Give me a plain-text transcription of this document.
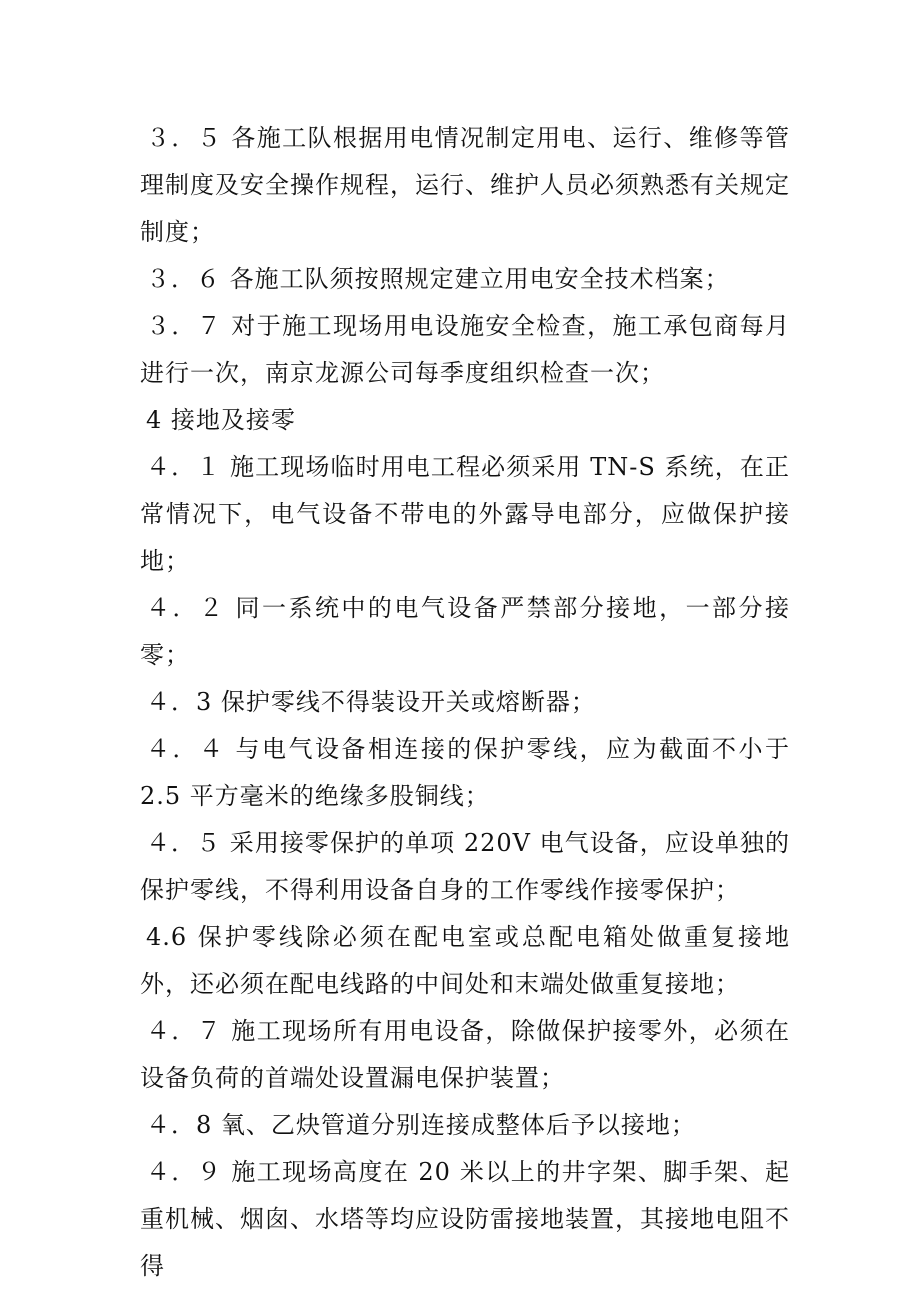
３．５ 各施工队根据用电情况制定用电、运行、维修等管理制度及安全操作规程，运行、维护人员必须熟悉有关规定制度；

３．６ 各施工队须按照规定建立用电安全技术档案；

３．７ 对于施工现场用电设施安全检查，施工承包商每月进行一次，南京龙源公司每季度组织检查一次；

4 接地及接零

４．１ 施工现场临时用电工程必须采用 TN-S 系统，在正常情况下，电气设备不带电的外露导电部分，应做保护接地；

４．２ 同一系统中的电气设备严禁部分接地，一部分接零；

４．3 保护零线不得装设开关或熔断器；

４．４ 与电气设备相连接的保护零线，应为截面不小于 2.5 平方毫米的绝缘多股铜线；

４．５ 采用接零保护的单项 220V 电气设备，应设单独的保护零线，不得利用设备自身的工作零线作接零保护；

4.6 保护零线除必须在配电室或总配电箱处做重复接地外，还必须在配电线路的中间处和末端处做重复接地；

４．７ 施工现场所有用电设备，除做保护接零外，必须在设备负荷的首端处设置漏电保护装置；

４．8 氧、乙炔管道分别连接成整体后予以接地；

４．９ 施工现场高度在 20 米以上的井字架、脚手架、起重机械、烟囱、水塔等均应设防雷接地装置，其接地电阻不得
